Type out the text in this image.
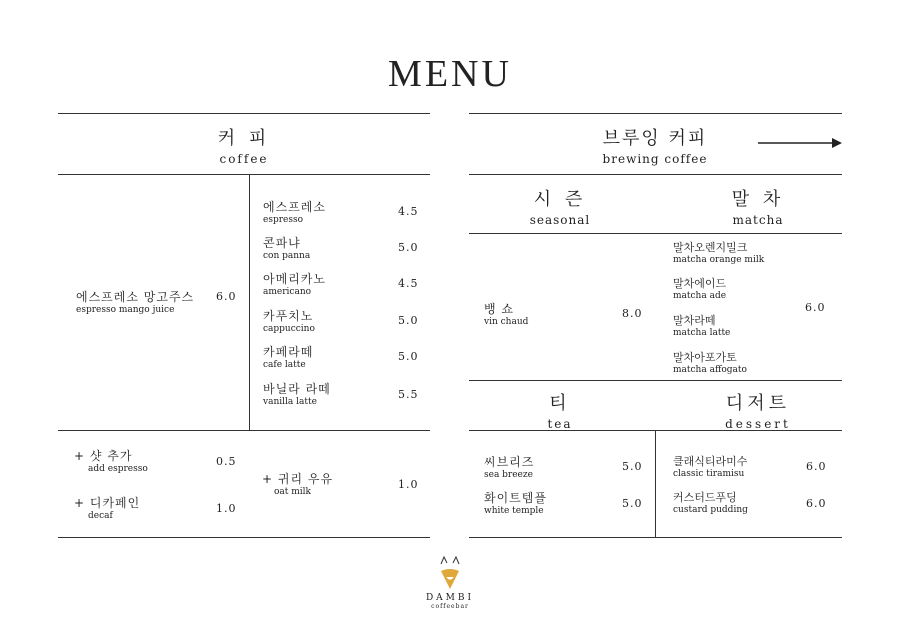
MENU
커 피
coffee
브루잉 커피
brewing coffee
에스프레소 망고주스
espresso mango juice
6.0
에스프레소
espresso
4.5
콘파냐
con panna
5.0
아메리카노
americano
4.5
카푸치노
cappuccino
5.0
카페라떼
cafe latte
5.0
바닐라 라떼
vanilla latte
5.5
+ 샷 추가
add espresso
0.5
+ 디카페인
decaf
1.0
+ 귀리 우유
oat milk
1.0
시 즌
seasonal
말 차
matcha
뱅 쇼
vin chaud
8.0
말차오렌지밀크
matcha orange milk
말차에이드
matcha ade
말차라떼
matcha latte
말차아포가토
matcha affogato
6.0
티
tea
디저트
dessert
씨브리즈
sea breeze
5.0
화이트템플
white temple
5.0
클래식티라미수
classic tiramisu
6.0
커스터드푸딩
custard pudding	6.0
DAMBI
coffeebar
